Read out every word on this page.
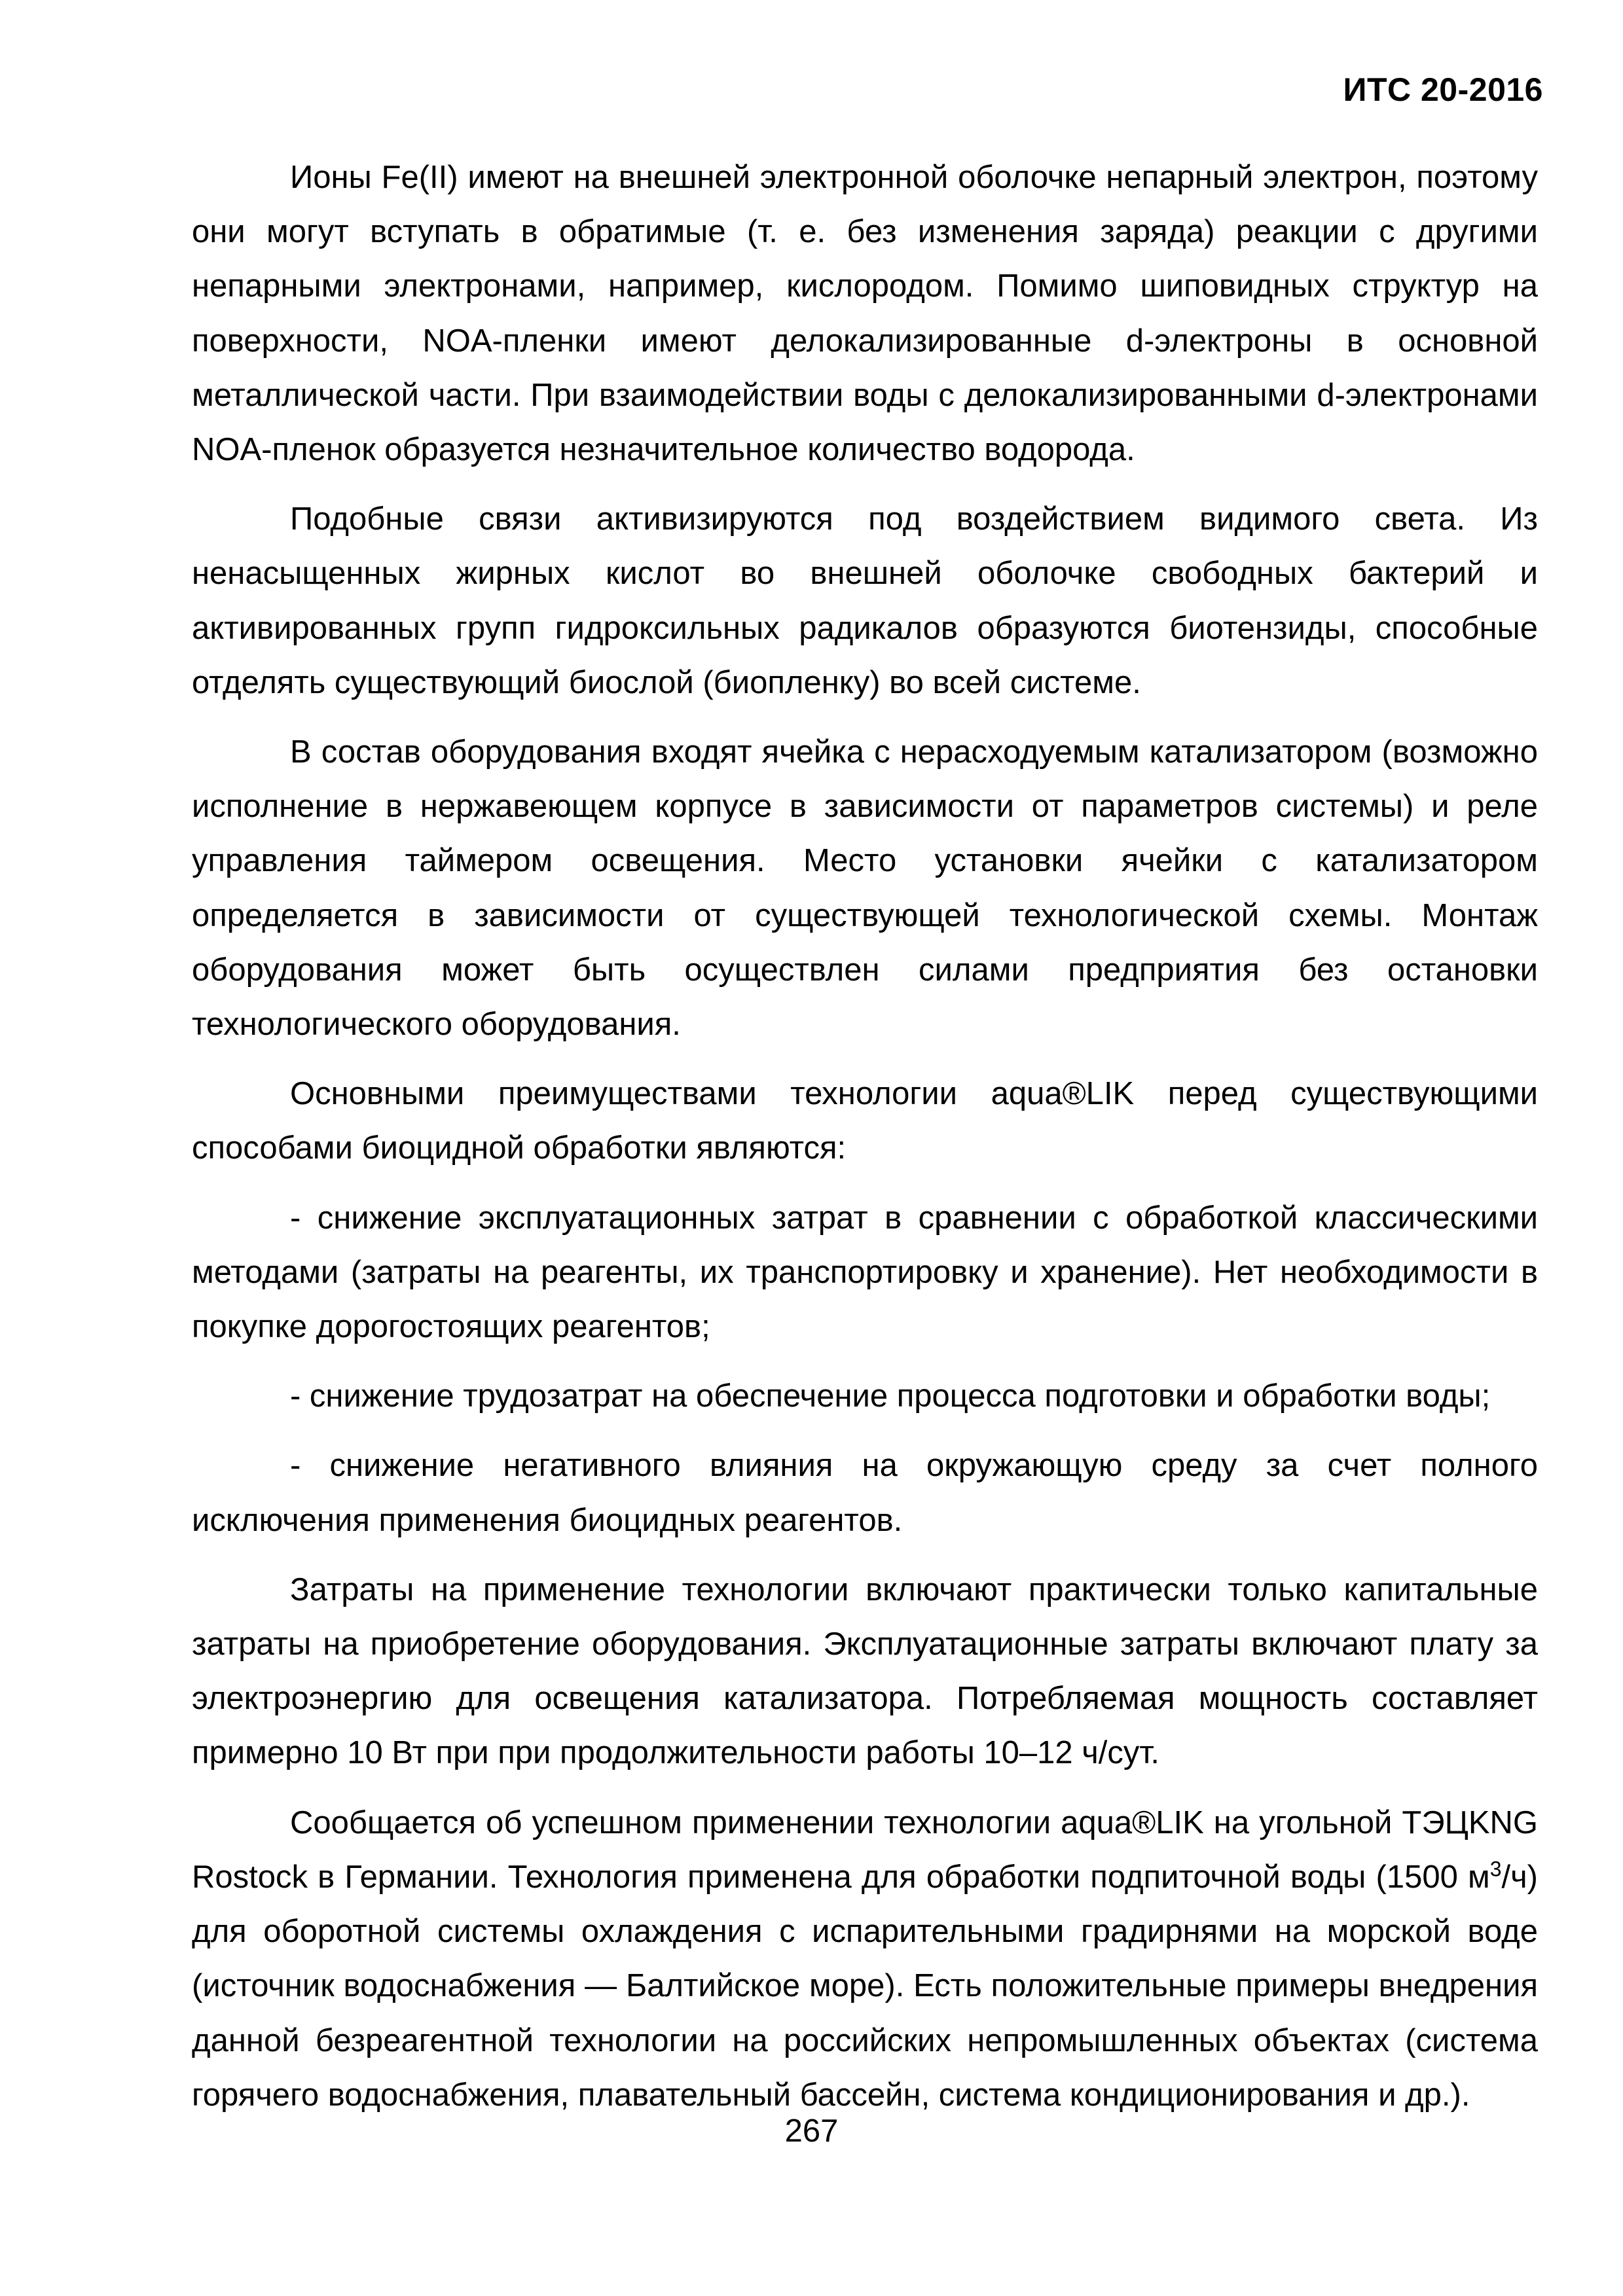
ИТС 20-2016

Ионы Fe(II) имеют на внешней электронной оболочке непарный электрон, поэтому они могут вступать в обратимые (т. е. без изменения заряда) реакции с другими непарными электронами, например, кислородом. Помимо шиповидных структур на поверхности, NOA-пленки имеют делокализированные d-электроны в основной металлической части. При взаимодействии воды с делокализированными d-электронами NOA-пленок образуется незначительное количество водорода.

Подобные связи активизируются под воздействием видимого света. Из ненасыщенных жирных кислот во внешней оболочке свободных бактерий и активированных групп гидроксильных радикалов образуются биотензиды, способные отделять существующий биослой (биопленку) во всей системе.

В состав оборудования входят ячейка с нерасходуемым катализатором (возможно исполнение в нержавеющем корпусе в зависимости от параметров системы) и реле управления таймером освещения. Место установки ячейки с катализатором определяется в зависимости от существующей технологической схемы. Монтаж оборудования может быть осуществлен силами предприятия без остановки технологического оборудования.

Основными преимуществами технологии aqua®LIK перед существующими способами биоцидной обработки являются:

- снижение эксплуатационных затрат в сравнении с обработкой классическими методами (затраты на реагенты, их транспортировку и хранение). Нет необходимости в покупке дорогостоящих реагентов;

- снижение трудозатрат на обеспечение процесса подготовки и обработки воды;

- снижение негативного влияния на окружающую среду за счет полного исключения применения биоцидных реагентов.

Затраты на применение технологии включают практически только капитальные затраты на приобретение оборудования. Эксплуатационные затраты включают плату за электроэнергию для освещения катализатора. Потребляемая мощность составляет примерно 10 Вт при при продолжительности работы 10–12 ч/сут.

Сообщается об успешном применении технологии aqua®LIK на угольной ТЭЦKNG Rostock в Германии. Технология применена для обработки подпиточной воды (1500 $м^3/ч$) для оборотной системы охлаждения с испарительными градирнями на морской воде (источник водоснабжения — Балтийское море). Есть положительные примеры внедрения данной безреагентной технологии на российских непромышленных объектах (система горячего водоснабжения, плавательный бассейн, система кондиционирования и др.).

267
